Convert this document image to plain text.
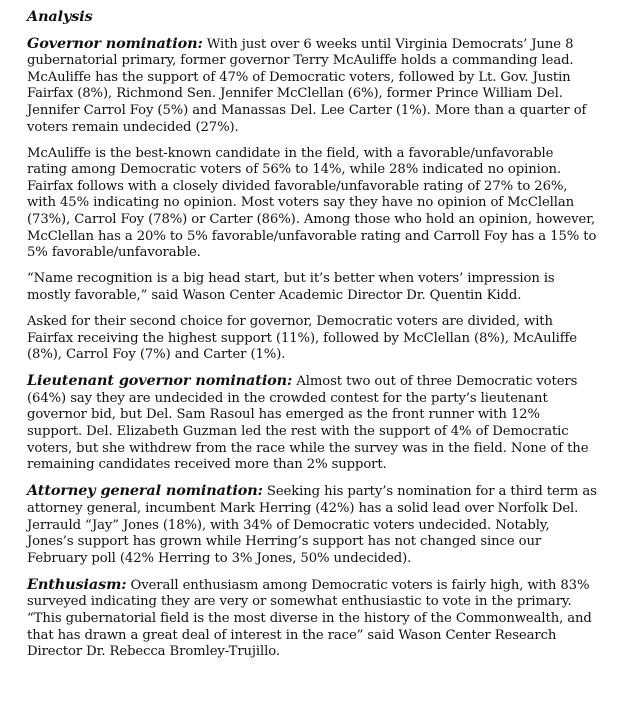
Analysis

Governor nomination: With just over 6 weeks until Virginia Democrats’ June 8 gubernatorial primary, former governor Terry McAuliffe holds a commanding lead. McAuliffe has the support of 47% of Democratic voters, followed by Lt. Gov. Justin Fairfax (8%), Richmond Sen. Jennifer McClellan (6%), former Prince William Del. Jennifer Carrol Foy (5%) and Manassas Del. Lee Carter (1%). More than a quarter of voters remain undecided (27%).

McAuliffe is the best-known candidate in the field, with a favorable/unfavorable rating among Democratic voters of 56% to 14%, while 28% indicated no opinion. Fairfax follows with a closely divided favorable/unfavorable rating of 27% to 26%, with 45% indicating no opinion. Most voters say they have no opinion of McClellan (73%), Carrol Foy (78%) or Carter (86%). Among those who hold an opinion, however, McClellan has a 20% to 5% favorable/unfavorable rating and Carroll Foy has a 15% to 5% favorable/unfavorable.

“Name recognition is a big head start, but it’s better when voters’ impression is mostly favorable,” said Wason Center Academic Director Dr. Quentin Kidd.

Asked for their second choice for governor, Democratic voters are divided, with Fairfax receiving the highest support (11%), followed by McClellan (8%), McAuliffe (8%), Carrol Foy (7%) and Carter (1%).

Lieutenant governor nomination: Almost two out of three Democratic voters (64%) say they are undecided in the crowded contest for the party’s lieutenant governor bid, but Del. Sam Rasoul has emerged as the front runner with 12% support. Del. Elizabeth Guzman led the rest with the support of 4% of Democratic voters, but she withdrew from the race while the survey was in the field. None of the remaining candidates received more than 2% support.

Attorney general nomination: Seeking his party’s nomination for a third term as attorney general, incumbent Mark Herring (42%) has a solid lead over Norfolk Del. Jerrauld “Jay” Jones (18%), with 34% of Democratic voters undecided. Notably, Jones’s support has grown while Herring’s support has not changed since our February poll (42% Herring to 3% Jones, 50% undecided).

Enthusiasm: Overall enthusiasm among Democratic voters is fairly high, with 83% surveyed indicating they are very or somewhat enthusiastic to vote in the primary. “This gubernatorial field is the most diverse in the history of the Commonwealth, and that has drawn a great deal of interest in the race” said Wason Center Research Director Dr. Rebecca Bromley-Trujillo.
